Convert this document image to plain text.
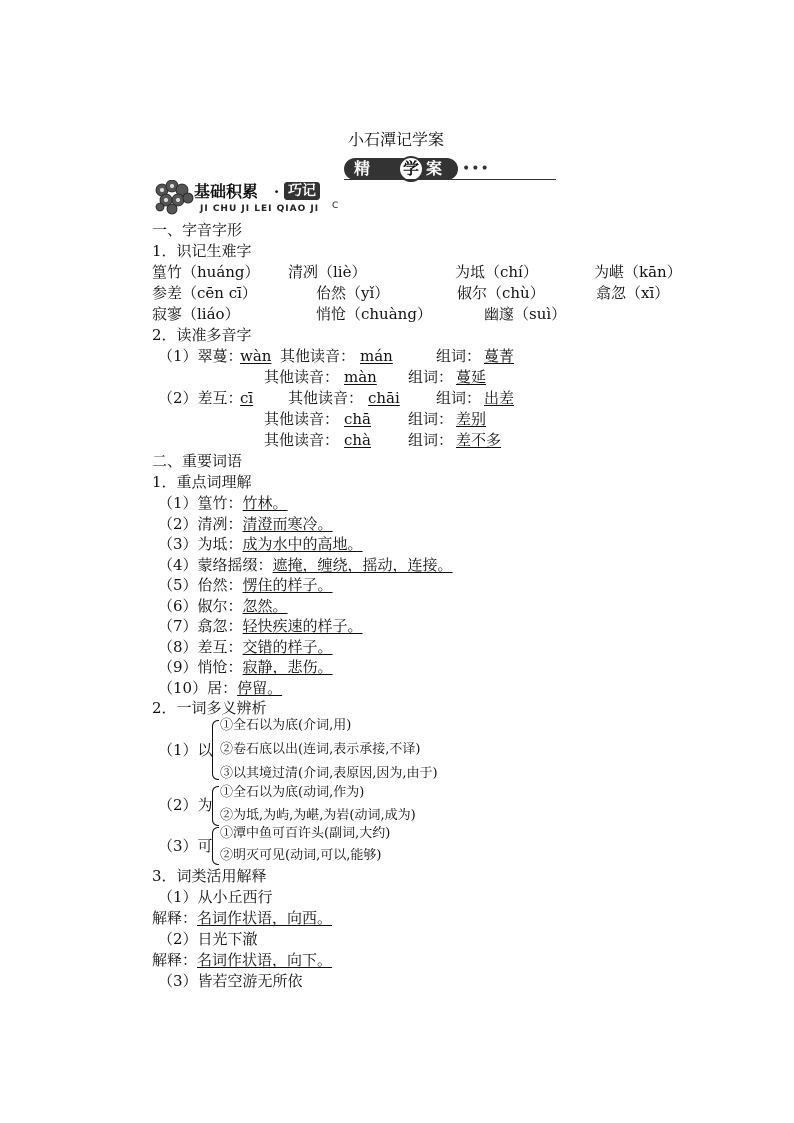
小石潭记学案
精品
学 案 •••
基础积累 · 巧记
JI CHU JI LEI QIAO JI C
一、字音字形
1．识记生难字
篁竹（huáng） 清冽（liè）	为坻（chí）	为嵁（kān）
参差（cēn cī）	佁然（yǐ）	俶尔（chù）	翕忽（xī）
寂寥（liáo）	悄怆（chuàng）	幽邃（suì）
2．读准多音字
（1）翠蔓：
wàn 其他读音： mán	组词： 蔓菁
其他读音： màn 组词： 蔓延
（2）差互：
cī 其他读音： chāi 组词： 出差
其他读音： chā 组词： 差别
其他读音： chà 组词： 差不多
二、重要词语
1．重点词理解
（1）篁竹：竹林。
（2）清冽：清澄而寒冷。
（3）为坻：成为水中的高地。
（4）蒙络摇缀：遮掩，缠绕，摇动，连接。
（5）佁然：愣住的样子。
（6）俶尔：忽然。
（7）翕忽：轻快疾速的样子。
（8）差互：交错的样子。
（9）悄怆：寂静，悲伤。
（10）居：停留。
2．一词多义辨析
（1）以
①全石以为底(介词,用)
②卷石底以出(连词,表示承接,不译)
③以其境过清(介词,表原因,因为,由于)
（2）为
①全石以为底(动词,作为)
②为坻,为屿,为嵁,为岩(动词,成为)
（3）可
①潭中鱼可百许头(副词,大约)
②明灭可见(动词,可以,能够)
3．词类活用解释
（1）从小丘西行
解释：名词作状语，向西。
（2）日光下澈
解释：名词作状语，向下。
（3）皆若空游无所依
